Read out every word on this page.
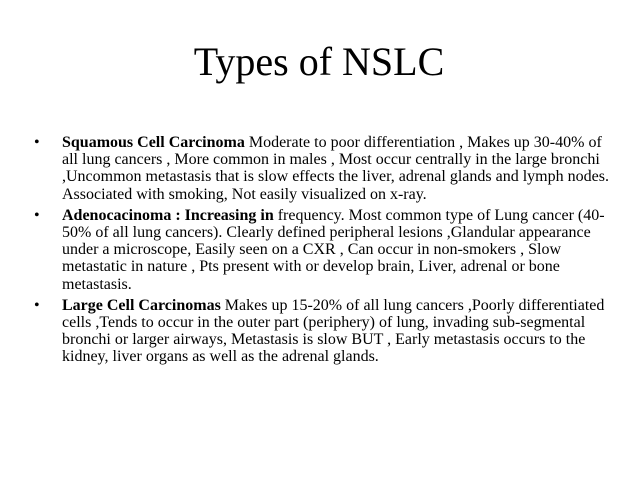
Types of NSLC
• Squamous Cell Carcinoma Moderate to poor differentiation , Makes up 30-40% of all lung cancers , More common in males , Most occur centrally in the large bronchi ,Uncommon metastasis that is slow effects the liver, adrenal glands and lymph nodes. Associated with smoking, Not easily visualized on x-ray.
• Adenocacinoma : Increasing in frequency. Most common type of Lung cancer (40-50% of all lung cancers). Clearly defined peripheral lesions ,Glandular appearance under a microscope, Easily seen on a CXR , Can occur in non-smokers , Slow metastatic in nature , Pts present with or develop brain, Liver, adrenal or bone metastasis.
• Large Cell Carcinomas Makes up 15-20% of all lung cancers ,Poorly differentiated cells ,Tends to occur in the outer part (periphery) of lung, invading sub-segmental bronchi or larger airways, Metastasis is slow BUT , Early metastasis occurs to the kidney, liver organs as well as the adrenal glands.
